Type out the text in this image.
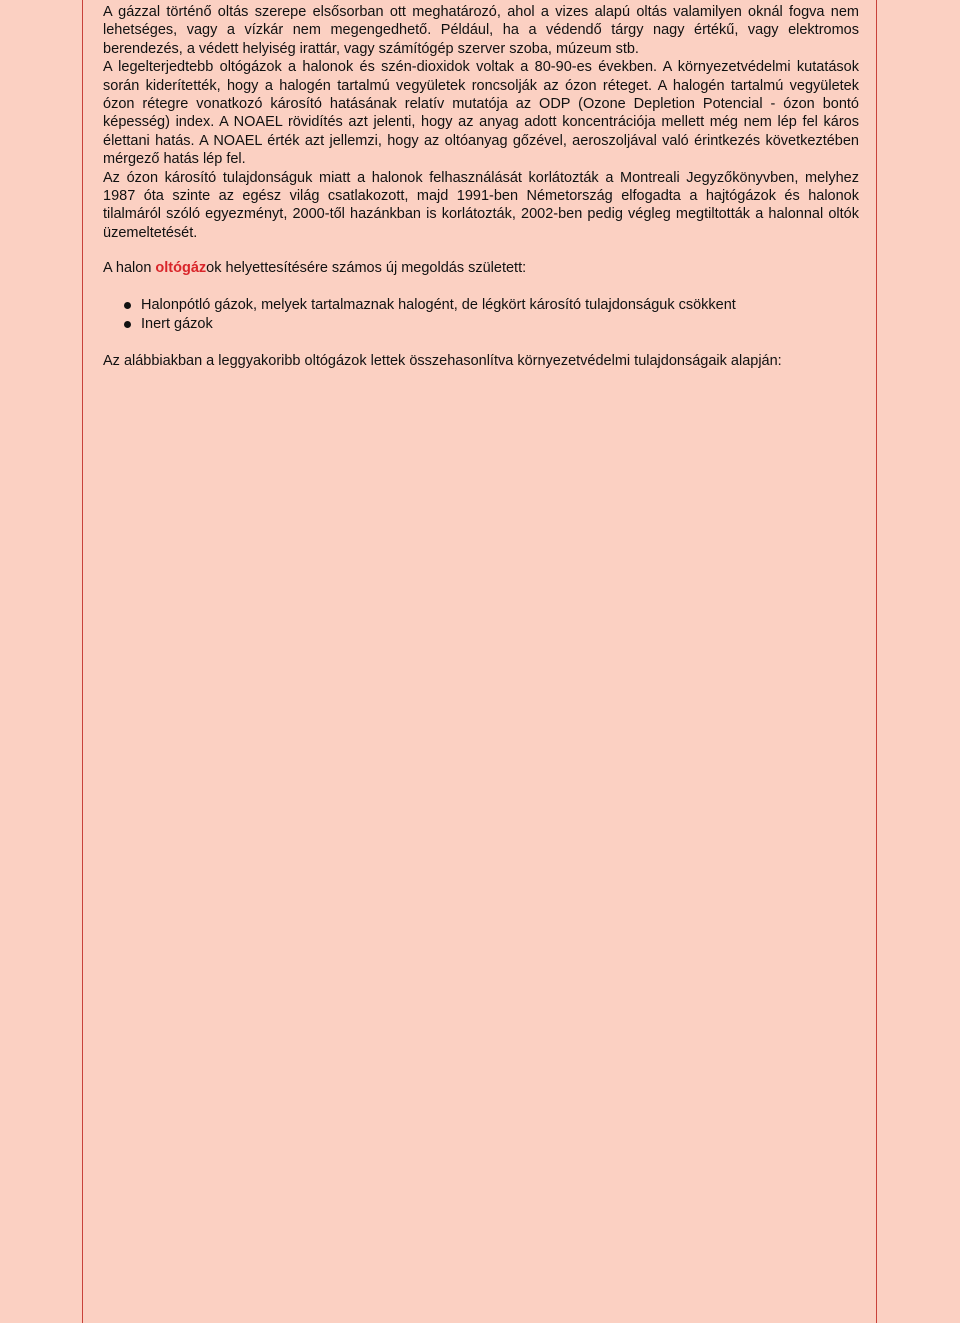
A gázzal történő oltás szerepe elsősorban ott meghatározó, ahol a vizes alapú oltás valamilyen oknál fogva nem lehetséges, vagy a vízkár nem megengedhető. Például, ha a védendő tárgy nagy értékű, vagy elektromos berendezés, a védett helyiség irattár, vagy számítógép szerver szoba, múzeum stb.

A legelterjedtebb oltógázok a halonok és szén-dioxidok voltak a 80-90-es években. A környezetvédelmi kutatások során kiderítették, hogy a halogén tartalmú vegyületek roncsolják az ózon réteget. A halogén tartalmú vegyületek ózon rétegre vonatkozó károsító hatásának relatív mutatója az ODP (Ozone Depletion Potencial - ózon bontó képesség) index. A NOAEL rövidítés azt jelenti, hogy az anyag adott koncentrációja mellett még nem lép fel káros élettani hatás. A NOAEL érték azt jellemzi, hogy az oltóanyag gőzével, aeroszoljával való érintkezés következtében mérgező hatás lép fel.

Az ózon károsító tulajdonságuk miatt a halonok felhasználását korlátozták a Montreali Jegyzőkönyvben, melyhez 1987 óta szinte az egész világ csatlakozott, majd 1991-ben Németország elfogadta a hajtógázok és halonok tilalmáról szóló egyezményt, 2000-től hazánkban is korlátozták, 2002-ben pedig végleg megtiltották a halonnal oltók üzemeltetését.

A halon oltógázok helyettesítésére számos új megoldás született:

Halonpótló gázok, melyek tartalmaznak halogént, de légkört károsító tulajdonságuk csökkent
Inert gázok

Az alábbiakban a leggyakoribb oltógázok lettek összehasonlítva környezetvédelmi tulajdonságaik alapján:
